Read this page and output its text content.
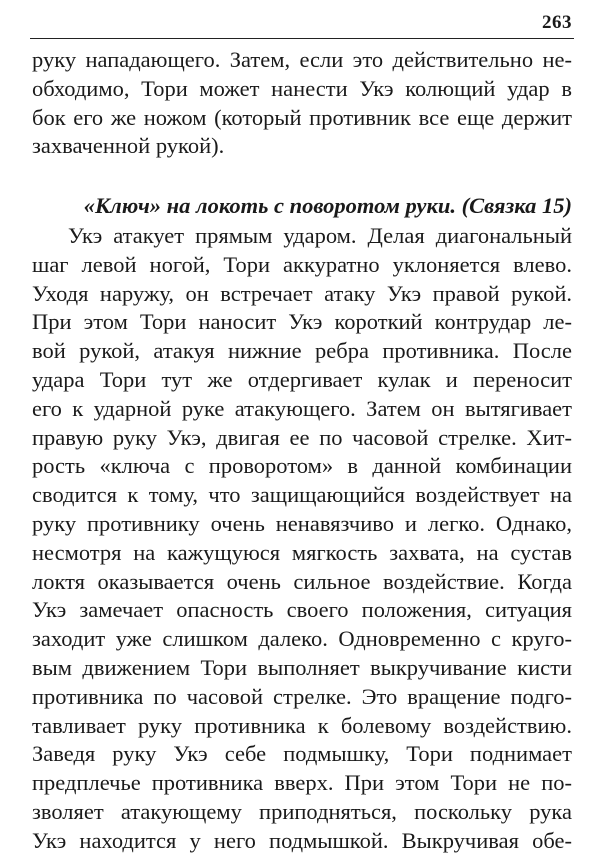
263
руку нападающего. Затем, если это действительно не-
обходимо, Тори может нанести Укэ колющий удар в
бок его же ножом (который противник все еще держит
захваченной рукой).
«Ключ» на локоть с поворотом руки. (Связка 15)
Укэ атакует прямым ударом. Делая диагональный
шаг левой ногой, Тори аккуратно уклоняется влево.
Уходя наружу, он встречает атаку Укэ правой рукой.
При этом Тори наносит Укэ короткий контрудар ле-
вой рукой, атакуя нижние ребра противника. После
удара Тори тут же отдергивает кулак и переносит
его к ударной руке атакующего. Затем он вытягивает
правую руку Укэ, двигая ее по часовой стрелке. Хит-
рость «ключа с проворотом» в данной комбинации
сводится к тому, что защищающийся воздействует на
руку противнику очень ненавязчиво и легко. Однако,
несмотря на кажущуюся мягкость захвата, на сустав
локтя оказывается очень сильное воздействие. Когда
Укэ замечает опасность своего положения, ситуация
заходит уже слишком далеко. Одновременно с круго-
вым движением Тори выполняет выкручивание кисти
противника по часовой стрелке. Это вращение подго-
тавливает руку противника к болевому воздействию.
Заведя руку Укэ себе подмышку, Тори поднимает
предплечье противника вверх. При этом Тори не по-
зволяет атакующему приподняться, поскольку рука
Укэ находится у него подмышкой. Выкручивая обе-
